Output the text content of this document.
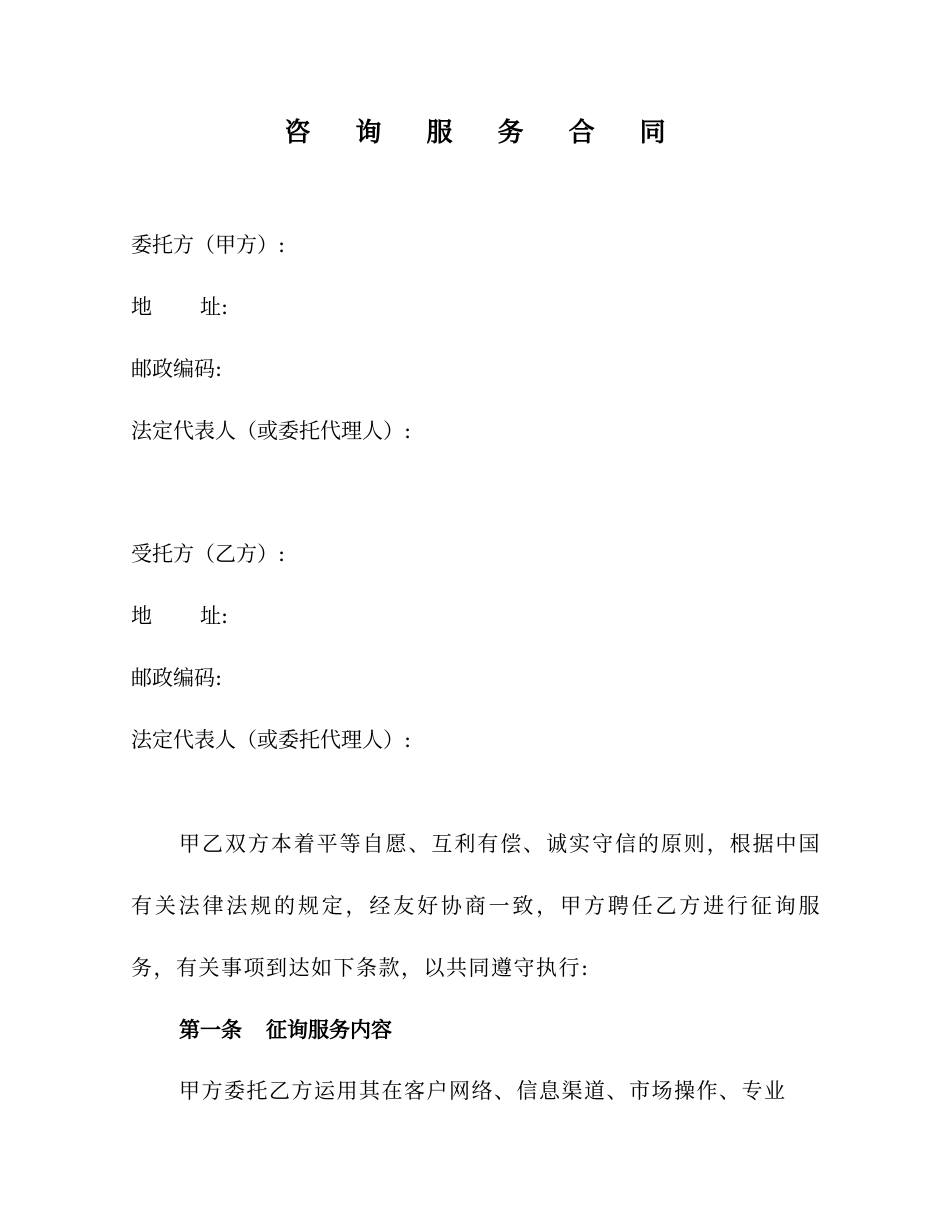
咨 询 服 务 合 同
委托方（甲方）:
地 址:
邮政编码:
法定代表人（或委托代理人）:
受托方（乙方）:
地 址:
邮政编码:
法定代表人（或委托代理人）:
甲乙双方本着平等自愿、互利有偿、诚实守信的原则，根据中国有关法律法规的规定，经友好协商一致，甲方聘任乙方进行征询服务，有关事项到达如下条款，以共同遵守执行:
第一条 征询服务内容
甲方委托乙方运用其在客户网络、信息渠道、市场操作、专业
